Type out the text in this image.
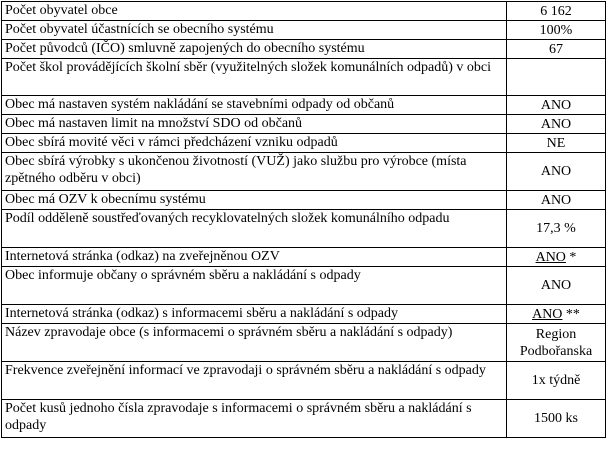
Počet obyvatel obce	6 162
Počet obyvatel účastnících se obecního systému	100%
Počet původců (IČO) smluvně zapojených do obecního systému	67
Počet škol provádějících školní sběr (využitelných složek komunálních odpadů) v obci	
Obec má nastaven systém nakládání se stavebními odpady od občanů	ANO
Obec má nastaven limit na množství SDO od občanů	ANO
Obec sbírá movité věci v rámci předcházení vzniku odpadů	NE
Obec sbírá výrobky s ukončenou životností (VUŽ) jako službu pro výrobce (místa zpětného odběru v obci)	ANO
Obec má OZV k obecnímu systému	ANO
Podíl odděleně soustřeďovaných recyklovatelných složek komunálního odpadu	17,3 %
Internetová stránka (odkaz) na zveřejněnou OZV	ANO *
Obec informuje občany o správném sběru a nakládání s odpady	ANO
Internetová stránka (odkaz) s informacemi sběru a nakládání s odpady	ANO **
Název zpravodaje obce (s informacemi o správném sběru a nakládání s odpady)	Region Podbořanska
Frekvence zveřejnění informací ve zpravodaji o správném sběru a nakládání s odpady	1x týdně
Počet kusů jednoho čísla zpravodaje s informacemi o správném sběru a nakládání s odpady	1500 ks
